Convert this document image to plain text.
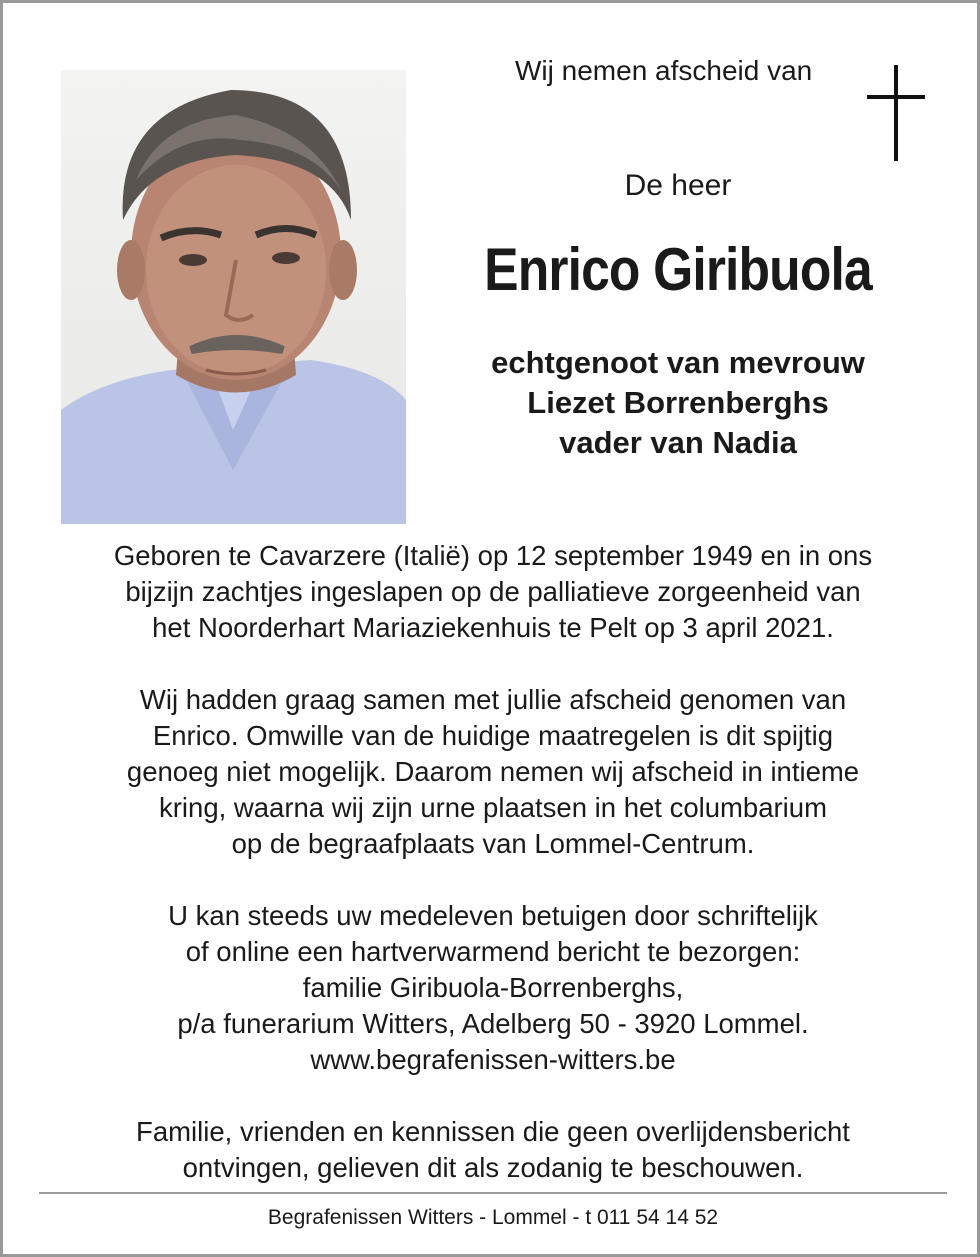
Wij nemen afscheid van
De heer
Enrico Giribuola
echtgenoot van mevrouw
Liezet Borrenberghs
vader van Nadia
Geboren te Cavarzere (Italië) op 12 september 1949 en in ons
bijzijn zachtjes ingeslapen op de palliatieve zorgeenheid van
het Noorderhart Mariaziekenhuis te Pelt op 3 april 2021.
Wij hadden graag samen met jullie afscheid genomen van
Enrico. Omwille van de huidige maatregelen is dit spijtig
genoeg niet mogelijk. Daarom nemen wij afscheid in intieme
kring, waarna wij zijn urne plaatsen in het columbarium
op de begraafplaats van Lommel-Centrum.
U kan steeds uw medeleven betuigen door schriftelijk
of online een hartverwarmend bericht te bezorgen:
familie Giribuola-Borrenberghs,
p/a funerarium Witters, Adelberg 50 - 3920 Lommel.
www.begrafenissen-witters.be
Familie, vrienden en kennissen die geen overlijdensbericht
ontvingen, gelieven dit als zodanig te beschouwen.
Begrafenissen Witters - Lommel - t 011 54 14 52
